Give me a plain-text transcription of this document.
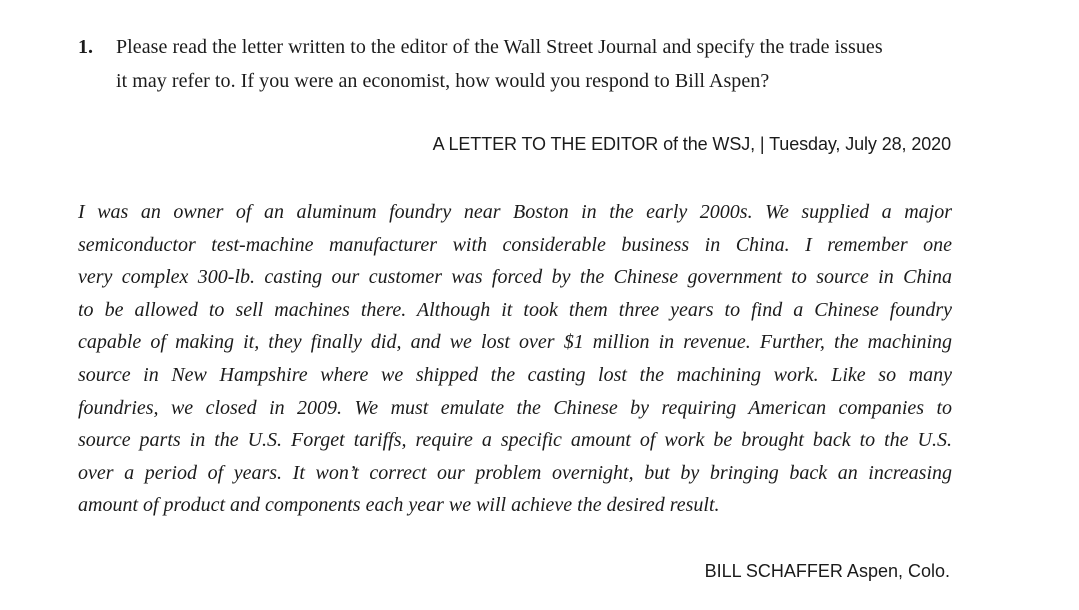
1.	Please read the letter written to the editor of the Wall Street Journal and specify the trade issues
it may refer to. If you were an economist, how would you respond to Bill Aspen?
A LETTER TO THE EDITOR of the WSJ, | Tuesday, July 28, 2020
I was an owner of an aluminum foundry near Boston in the early 2000s. We supplied a major
semiconductor test-machine manufacturer with considerable business in China. I remember one
very complex 300-lb. casting our customer was forced by the Chinese government to source in China
to be allowed to sell machines there. Although it took them three years to find a Chinese foundry
capable of making it, they finally did, and we lost over $1 million in revenue. Further, the machining
source in New Hampshire where we shipped the casting lost the machining work. Like so many
foundries, we closed in 2009. We must emulate the Chinese by requiring American companies to
source parts in the U.S. Forget tariffs, require a specific amount of work be brought back to the U.S.
over a period of years. It won’t correct our problem overnight, but by bringing back an increasing
amount of product and components each year we will achieve the desired result.
BILL SCHAFFER Aspen, Colo.
